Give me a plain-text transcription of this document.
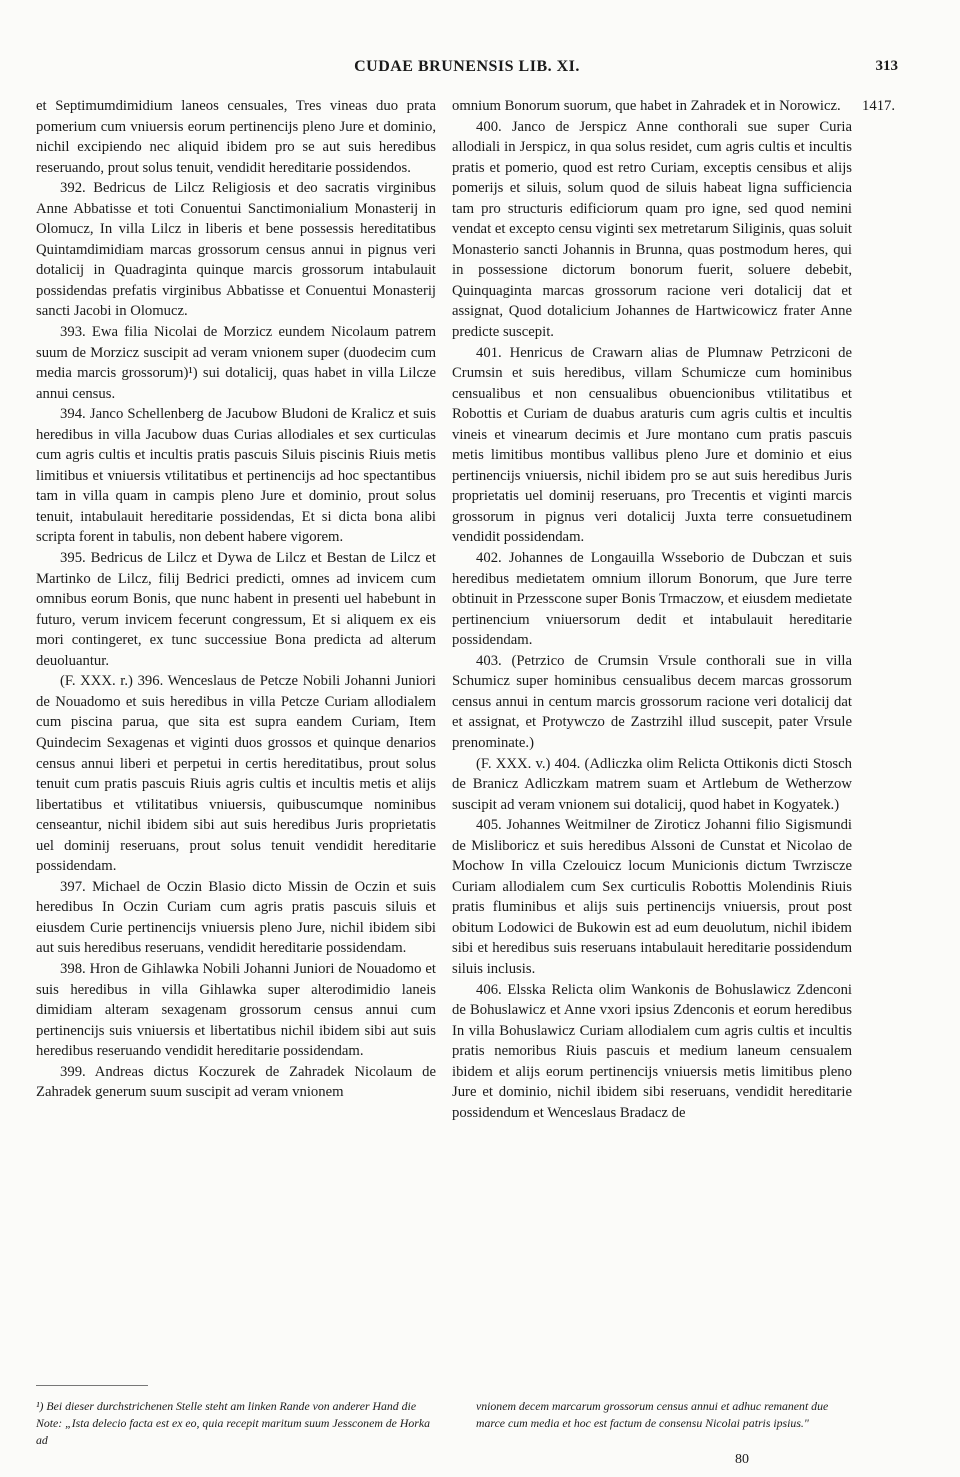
CUDAE BRUNENSIS LIB. XI.	313
1417.

et Septimumdimidium laneos censuales, Tres vineas duo prata pomerium cum vniuersis eorum pertinencijs pleno Jure et dominio, nichil excipiendo nec aliquid ibidem pro se aut suis heredibus reseruando, prout solus tenuit, vendidit hereditarie possidendos.

392. Bedricus de Lilcz Religiosis et deo sacratis virginibus Anne Abbatisse et toti Conuentui Sanctimonialium Monasterij in Olomucz, In villa Lilcz in liberis et bene possessis hereditatibus Quintamdimidiam marcas grossorum census annui in pignus veri dotalicij in Quadraginta quinque marcis grossorum intabulauit possidendas prefatis virginibus Abbatisse et Conuentui Monasterij sancti Jacobi in Olomucz.

393. Ewa filia Nicolai de Morzicz eundem Nicolaum patrem suum de Morzicz suscipit ad veram vnionem super (duodecim cum media marcis grossorum)¹) sui dotalicij, quas habet in villa Lilcze annui census.

394. Janco Schellenberg de Jacubow Bludoni de Kralicz et suis heredibus in villa Jacubow duas Curias allodiales et sex curticulas cum agris cultis et incultis pratis pascuis Siluis piscinis Riuis metis limitibus et vniuersis vtilitatibus et pertinencijs ad hoc spectantibus tam in villa quam in campis pleno Jure et dominio, prout solus tenuit, intabulauit hereditarie possidendas, Et si dicta bona alibi scripta forent in tabulis, non debent habere vigorem.

395. Bedricus de Lilcz et Dywa de Lilcz et Bestan de Lilcz et Martinko de Lilcz, filij Bedrici predicti, omnes ad invicem cum omnibus eorum Bonis, que nunc habent in presenti uel habebunt in futuro, verum invicem fecerunt congressum, Et si aliquem ex eis mori contingeret, ex tunc successiue Bona predicta ad alterum deuoluantur.

(F. XXX. r.) 396. Wenceslaus de Petcze Nobili Johanni Juniori de Nouadomo et suis heredibus in villa Petcze Curiam allodialem cum piscina parua, que sita est supra eandem Curiam, Item Quindecim Sexagenas et viginti duos grossos et quinque denarios census annui liberi et perpetui in certis hereditatibus, prout solus tenuit cum pratis pascuis Riuis agris cultis et incultis metis et alijs libertatibus et vtilitatibus vniuersis, quibuscumque nominibus censeantur, nichil ibidem sibi aut suis heredibus Juris proprietatis uel dominij reseruans, prout solus tenuit vendidit hereditarie possidendam.

397. Michael de Oczin Blasio dicto Missin de Oczin et suis heredibus In Oczin Curiam cum agris pratis pascuis siluis et eiusdem Curie pertinencijs vniuersis pleno Jure, nichil ibidem sibi aut suis heredibus reseruans, vendidit hereditarie possidendam.

398. Hron de Gihlawka Nobili Johanni Juniori de Nouadomo et suis heredibus in villa Gihlawka super alterodimidio laneis dimidiam alteram sexagenam grossorum census annui cum pertinencijs suis vniuersis et libertatibus nichil ibidem sibi aut suis heredibus reseruando vendidit hereditarie possidendam.

399. Andreas dictus Koczurek de Zahradek Nicolaum de Zahradek generum suum suscipit ad veram vnionem

omnium Bonorum suorum, que habet in Zahradek et in Norowicz.

400. Janco de Jerspicz Anne conthorali sue super Curia allodiali in Jerspicz, in qua solus residet, cum agris cultis et incultis pratis et pomerio, quod est retro Curiam, exceptis censibus et alijs pomerijs et siluis, solum quod de siluis habeat ligna sufficiencia tam pro structuris edificiorum quam pro igne, sed quod nemini vendat et excepto censu viginti sex metretarum Siliginis, quas soluit Monasterio sancti Johannis in Brunna, quas postmodum heres, qui in possessione dictorum bonorum fuerit, soluere debebit, Quinquaginta marcas grossorum racione veri dotalicij dat et assignat, Quod dotalicium Johannes de Hartwicowicz frater Anne predicte suscepit.

401. Henricus de Crawarn alias de Plumnaw Petrziconi de Crumsin et suis heredibus, villam Schumicze cum hominibus censualibus et non censualibus obuencionibus vtilitatibus et Robottis et Curiam de duabus araturis cum agris cultis et incultis vineis et vinearum decimis et Jure montano cum pratis pascuis metis limitibus montibus vallibus pleno Jure et dominio et eius pertinencijs vniuersis, nichil ibidem pro se aut suis heredibus Juris proprietatis uel dominij reseruans, pro Trecentis et viginti marcis grossorum in pignus veri dotalicij Juxta terre consuetudinem vendidit possidendam.

402. Johannes de Longauilla Wsseborio de Dubczan et suis heredibus medietatem omnium illorum Bonorum, que Jure terre obtinuit in Przesscone super Bonis Trmaczow, et eiusdem medietate pertinencium vniuersorum dedit et intabulauit hereditarie possidendam.

403. (Petrzico de Crumsin Vrsule conthorali sue in villa Schumicz super hominibus censualibus decem marcas grossorum census annui in centum marcis grossorum racione veri dotalicij dat et assignat, et Protywczo de Zastrzihl illud suscepit, pater Vrsule prenominate.)

(F. XXX. v.) 404. (Adliczka olim Relicta Ottikonis dicti Stosch de Branicz Adliczkam matrem suam et Artlebum de Wetherzow suscipit ad veram vnionem sui dotalicij, quod habet in Kogyatek.)

405. Johannes Weitmilner de Ziroticz Johanni filio Sigismundi de Misliboricz et suis heredibus Alssoni de Cunstat et Nicolao de Mochow In villa Czelouicz locum Municionis dictum Twrziscze Curiam allodialem cum Sex curticulis Robottis Molendinis Riuis pratis fluminibus et alijs suis pertinencijs vniuersis, prout post obitum Lodowici de Bukowin est ad eum deuolutum, nichil ibidem sibi et heredibus suis reseruans intabulauit hereditarie possidendum siluis inclusis.

406. Elsska Relicta olim Wankonis de Bohuslawicz Zdenconi de Bohuslawicz et Anne vxori ipsius Zdenconis et eorum heredibus In villa Bohuslawicz Curiam allodialem cum agris cultis et incultis pratis nemoribus Riuis pascuis et medium laneum censualem ibidem et alijs eorum pertinencijs vniuersis metis limitibus pleno Jure et dominio, nichil ibidem sibi reseruans, vendidit hereditarie possidendum et Wenceslaus Bradacz de

¹) Bei dieser durchstrichenen Stelle steht am linken Rande von anderer Hand die Note: „Ista delecio facta est ex eo, quia recepit maritum suum Jessconem de Horka ad

vnionem decem marcarum grossorum census annui et adhuc remanent due marce cum media et hoc est factum de consensu Nicolai patris ipsius."

80
